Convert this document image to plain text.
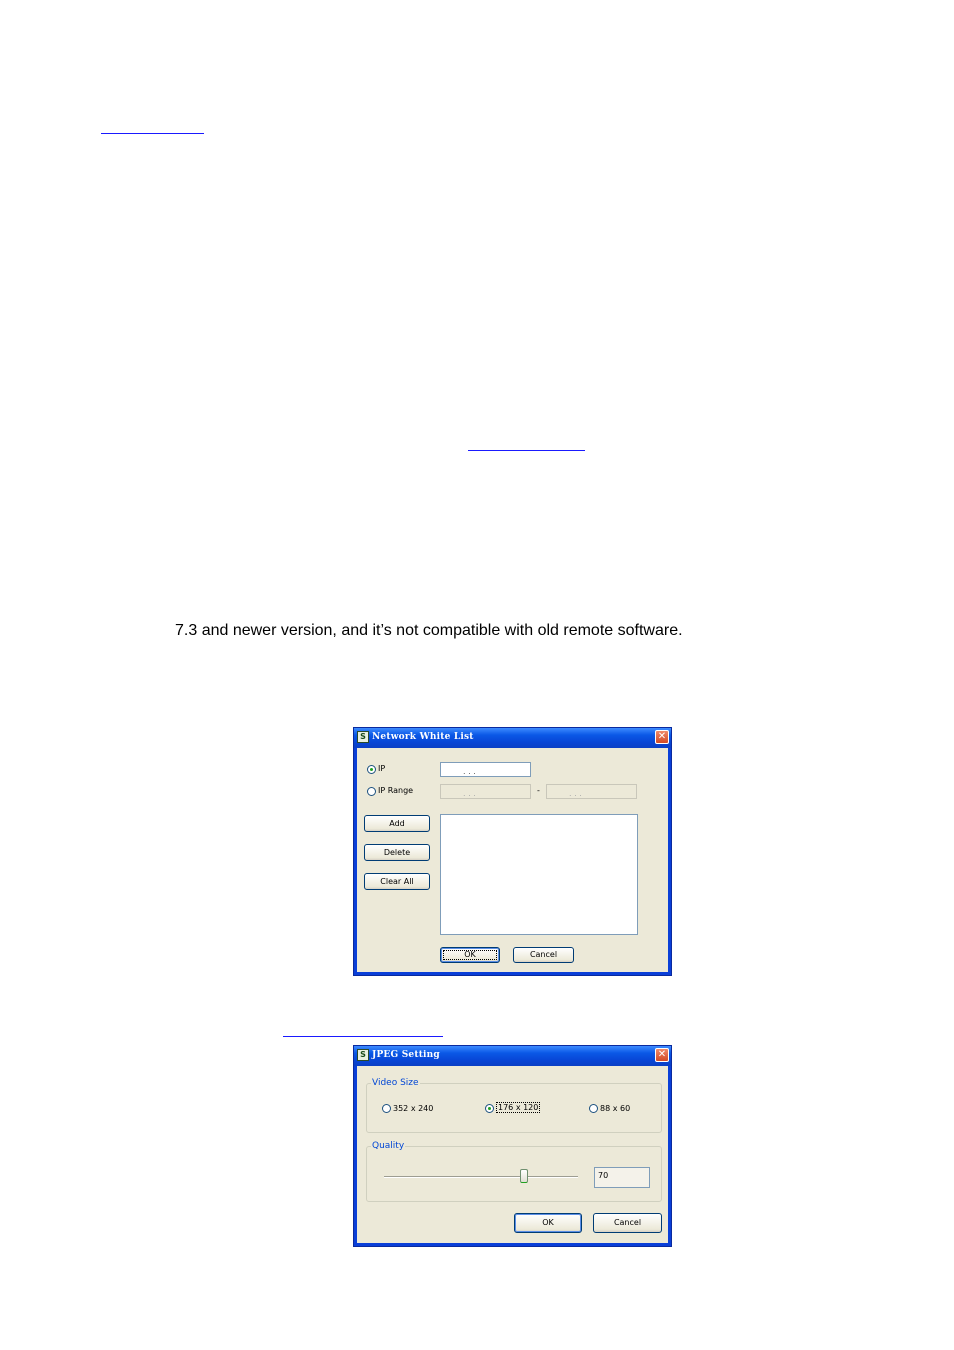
7.3 and newer version, and it’s not compatible with old remote software.
S Network White List	✕
IP	. . .
IP Range	. . .	-	. . .
Add
Delete
Clear All
OK	Cancel
S JPEG Setting	✕
Video Size
352 x 240	176 x 120	88 x 60
Quality
70
OK	Cancel
